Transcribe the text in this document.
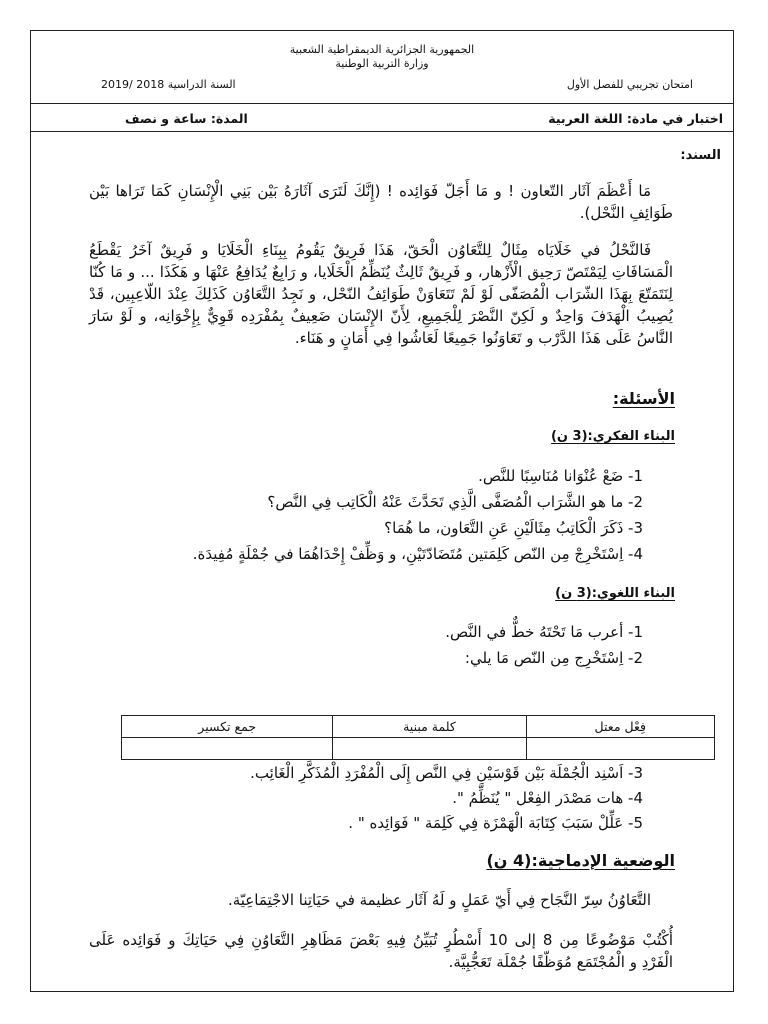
الجمهورية الجزائرية الديمقراطية الشعبية
وزارة التربية الوطنية
امتحان تجريبي للفصل الأول
السنة الدراسية 2018 /2019
اختبار في مادة: اللغة العربية
المدة: ساعة و نصف
السند:
مَا أَعْظَمَ آثَار التّعاون ! و مَا أَجَلّ فَوَائِده ! (إِنَّكَ لَتَرَى آثَارَهُ بَيْن بَنِي الْإِنْسَانِ كَمَا تَرَاها بَيْن طَوَائِفِ النَّحْل).
فَالنَّحْلُ في خَلَايَاه مِثَالٌ لِلتَّعَاوُن الْحَقّ، هَذَا فَرِيقٌ يَقُومُ بِبِنَاءِ الْخَلَايَا و فَرِيقٌ آخَرُ يَقْطَعُ الْمَسَافَاتِ لِيَمْتَصّ رَحِيق الْأَزْهار، و فَرِيقٌ ثَالِثٌ يُنَظِّمُ الْخَلَايا، و رَابِعٌ يُدَافِعُ عَنْهَا و هَكَذَا ... و مَا كُنّا لِنَتَمَتّعَ بِهَذَا الشّرَاب الْمُصَفّى لَوْ لَمْ تَتَعَاوَنْ طَوَائِفُ النّحْل، و نَجِدُ التَّعَاوُن كَذَلِكَ عِنْدَ اللّاعِبِين، قَدْ يُصِيبُ الْهَدَفَ وَاحِدٌ و لَكِنّ النَّصْرَ لِلْجَمِيعِ، لِأَنّ الإِنْسَان ضَعِيفٌ بِمُفْرَدِه قَوِيٌّ بِإِخْوَانِه، و لَوْ سَارَ النَّاسُ عَلَى هَذَا الدَّرْب و تَعَاوَنُوا جَمِيعًا لَعَاشُوا فِي أَمَانٍ و هَنَاء.
الأسئلة:
البناء الفكري:(3 ن)
1- ضَعْ عُنْوَانا مُنَاسِبًا للنَّص.
2- ما هو الشَّرَاب الْمُصَفَّى الَّذِي تَحَدَّثَ عَنْهُ الْكَاتِب فِي النَّص؟
3- ذَكَرَ الْكَاتِبُ مِثَالَيْنِ عَنِ التَّعَاون، ما هُمَا؟
4- اِسْتَخْرِجْ مِن النّص كَلِمَتين مُتَضَادّتَيْنِ، و وَظِّفْ إِحْدَاهُمَا في جُمْلَةٍ مُفِيدَة.
البناء اللغوي:(3 ن)
1- أعرب مَا تَحْتَهُ خطٌّ في النَّص.
2- اِسْتَخْرِج مِن النّص مَا يلي:
فِعْل معتل	كلمة مبنية	جمع تكسير

3- اَسْنِد الْجُمْلَة بَيْن قَوْسَيْنِ فِي النَّص إِلَى الْمُفْرَدِ الْمُذَكَّرِ الْغَائِب.
4- هات مَصْدَر الفِعْل " يُنَظِّمُ ".
5- عَلِّلْ سَبَبَ كِتَابَة الْهَمْزَة فِي كَلِمَة " فَوَائِده " .
الوضعية الإدماجية:(4 ن)
التَّعَاوُنُ سِرّ النَّجَاح فِي أَيّ عَمَلٍ و لَهُ آثَار عظيمة في حَيَاتِنا الاجْتِمَاعِيّة.
أُكْتُبْ مَوْضُوعًا مِن 8 إلى 10 أَسْطُرٍ تُبَيِّنُ فِيهِ بَعْضَ مَظَاهِرِ التَّعَاوُنِ فِي حَيَاتِكَ و فَوَائِده عَلَى الْفَرْدِ و الْمُجْتَمَع مُوَظّفًا جُمْلَة تَعَجُّبِيَّة.
